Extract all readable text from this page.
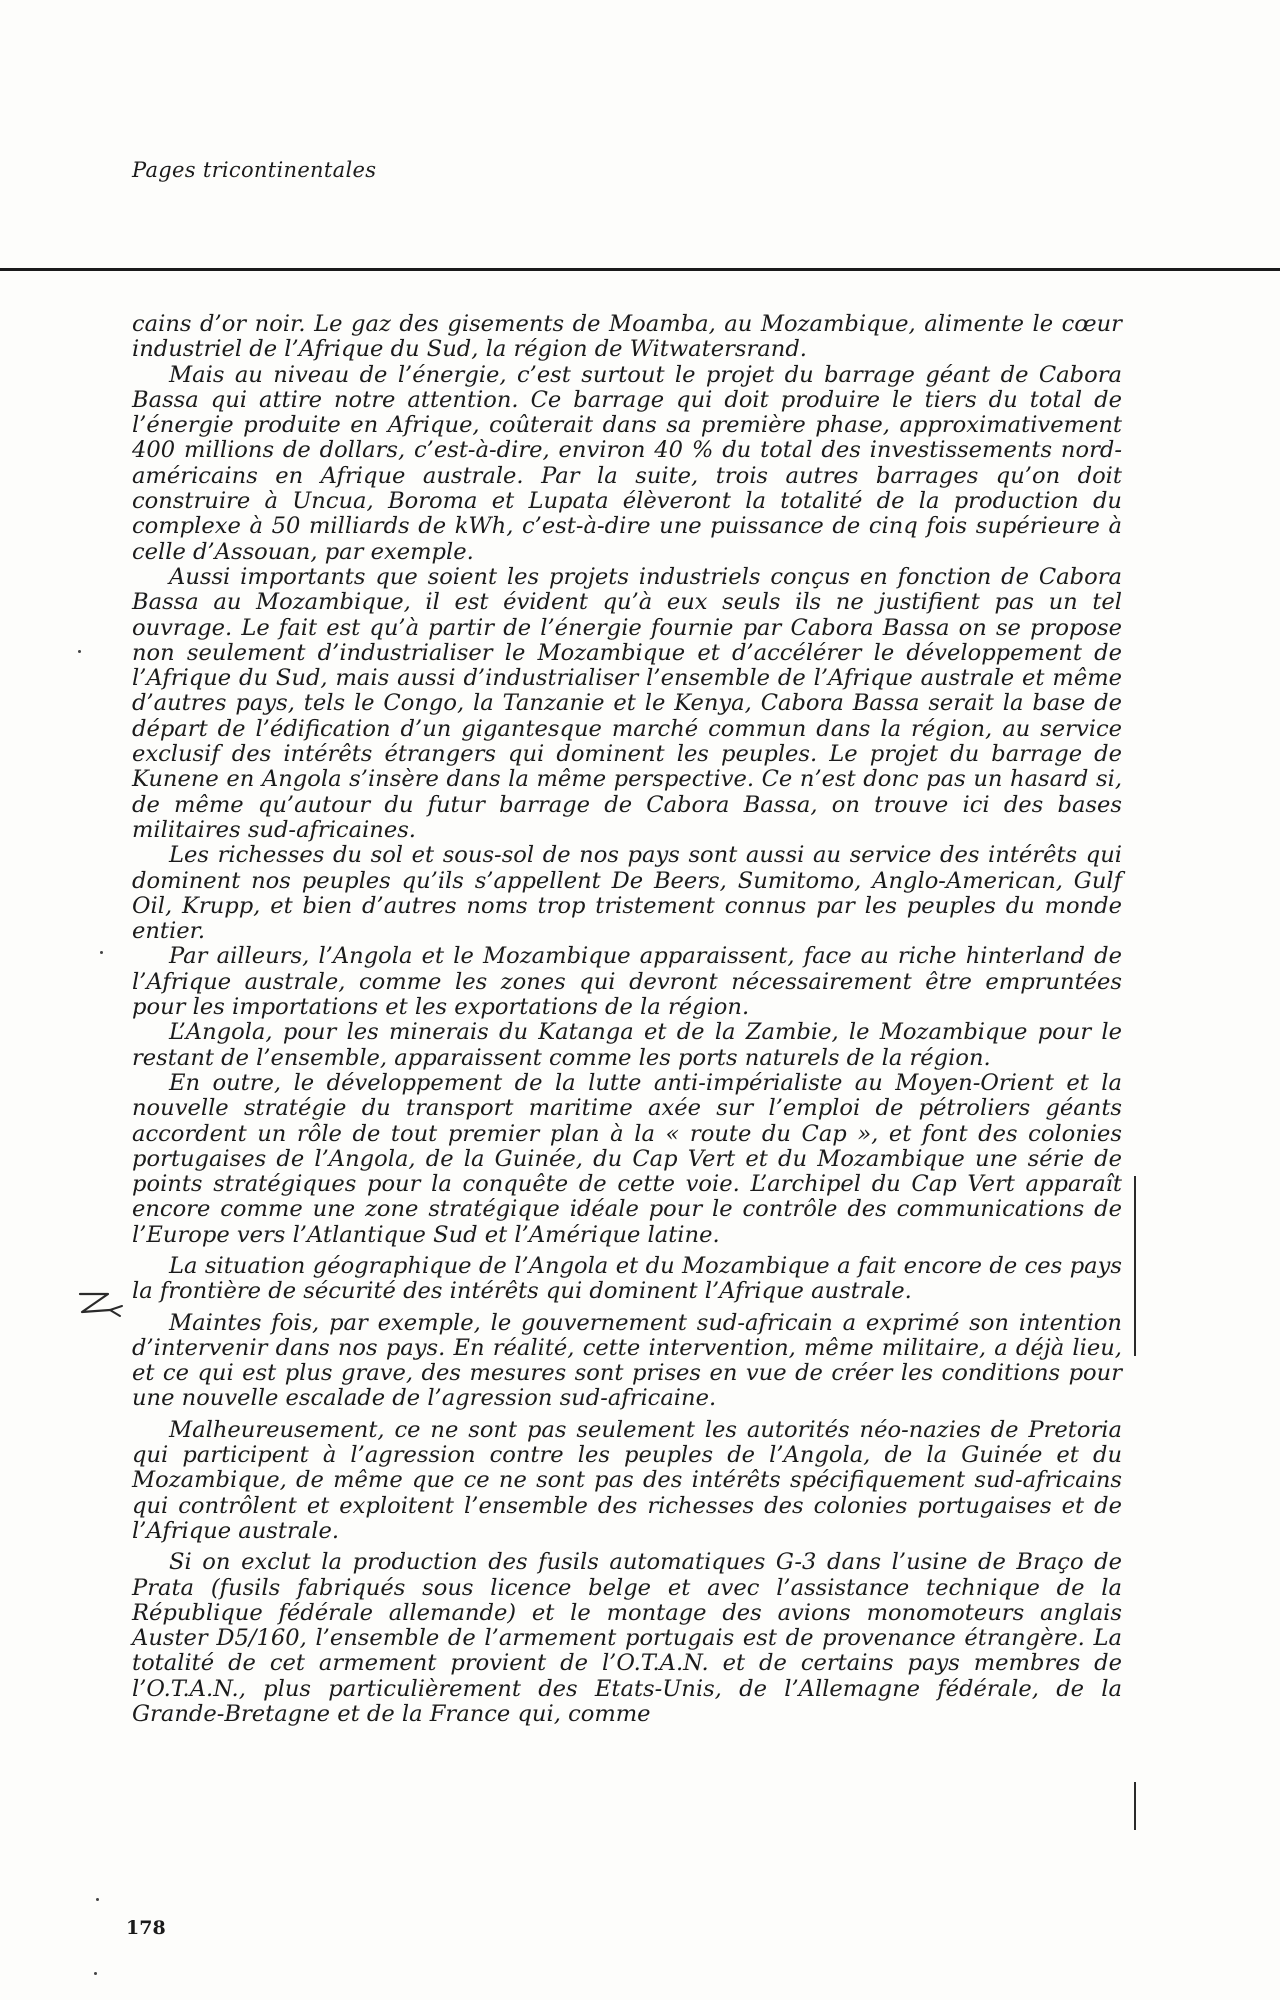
Pages tricontinentales

cains d’or noir. Le gaz des gisements de Moamba, au Mozambique, alimente le cœur industriel de l’Afrique du Sud, la région de Witwatersrand.

Mais au niveau de l’énergie, c’est surtout le projet du barrage géant de Cabora Bassa qui attire notre attention. Ce barrage qui doit produire le tiers du total de l’énergie produite en Afrique, coûterait dans sa première phase, approximativement 400 millions de dollars, c’est-à-dire, environ 40 % du total des investissements nord-américains en Afrique australe. Par la suite, trois autres barrages qu’on doit construire à Uncua, Boroma et Lupata élèveront la totalité de la production du complexe à 50 milliards de kWh, c’est-à-dire une puissance de cinq fois supérieure à celle d’Assouan, par exemple.

Aussi importants que soient les projets industriels conçus en fonction de Cabora Bassa au Mozambique, il est évident qu’à eux seuls ils ne justifient pas un tel ouvrage. Le fait est qu’à partir de l’énergie fournie par Cabora Bassa on se propose non seulement d’industrialiser le Mozambique et d’accélérer le développement de l’Afrique du Sud, mais aussi d’industrialiser l’ensemble de l’Afrique australe et même d’autres pays, tels le Congo, la Tanzanie et le Kenya, Cabora Bassa serait la base de départ de l’édification d’un gigantesque marché commun dans la région, au service exclusif des intérêts étrangers qui dominent les peuples. Le projet du barrage de Kunene en Angola s’insère dans la même perspective. Ce n’est donc pas un hasard si, de même qu’autour du futur barrage de Cabora Bassa, on trouve ici des bases militaires sud-africaines.

Les richesses du sol et sous-sol de nos pays sont aussi au service des intérêts qui dominent nos peuples qu’ils s’appellent De Beers, Sumitomo, Anglo-American, Gulf Oil, Krupp, et bien d’autres noms trop tristement connus par les peuples du monde entier.

Par ailleurs, l’Angola et le Mozambique apparaissent, face au riche hinterland de l’Afrique australe, comme les zones qui devront nécessairement être empruntées pour les importations et les exportations de la région.

L’Angola, pour les minerais du Katanga et de la Zambie, le Mozambique pour le restant de l’ensemble, apparaissent comme les ports naturels de la région.

En outre, le développement de la lutte anti-impérialiste au Moyen-Orient et la nouvelle stratégie du transport maritime axée sur l’emploi de pétroliers géants accordent un rôle de tout premier plan à la « route du Cap », et font des colonies portugaises de l’Angola, de la Guinée, du Cap Vert et du Mozambique une série de points stratégiques pour la conquête de cette voie. L’archipel du Cap Vert apparaît encore comme une zone stratégique idéale pour le contrôle des communications de l’Europe vers l’Atlantique Sud et l’Amérique latine.

La situation géographique de l’Angola et du Mozambique a fait encore de ces pays la frontière de sécurité des intérêts qui dominent l’Afrique australe.

Maintes fois, par exemple, le gouvernement sud-africain a exprimé son intention d’intervenir dans nos pays. En réalité, cette intervention, même militaire, a déjà lieu, et ce qui est plus grave, des mesures sont prises en vue de créer les conditions pour une nouvelle escalade de l’agression sud-africaine.

Malheureusement, ce ne sont pas seulement les autorités néo-nazies de Pretoria qui participent à l’agression contre les peuples de l’Angola, de la Guinée et du Mozambique, de même que ce ne sont pas des intérêts spécifiquement sud-africains qui contrôlent et exploitent l’ensemble des richesses des colonies portugaises et de l’Afrique australe.

Si on exclut la production des fusils automatiques G-3 dans l’usine de Braço de Prata (fusils fabriqués sous licence belge et avec l’assistance technique de la République fédérale allemande) et le montage des avions monomoteurs anglais Auster D5/160, l’ensemble de l’armement portugais est de provenance étrangère. La totalité de cet armement provient de l’O.T.A.N. et de certains pays membres de l’O.T.A.N., plus particulièrement des Etats-Unis, de l’Allemagne fédérale, de la Grande-Bretagne et de la France qui, comme

178
